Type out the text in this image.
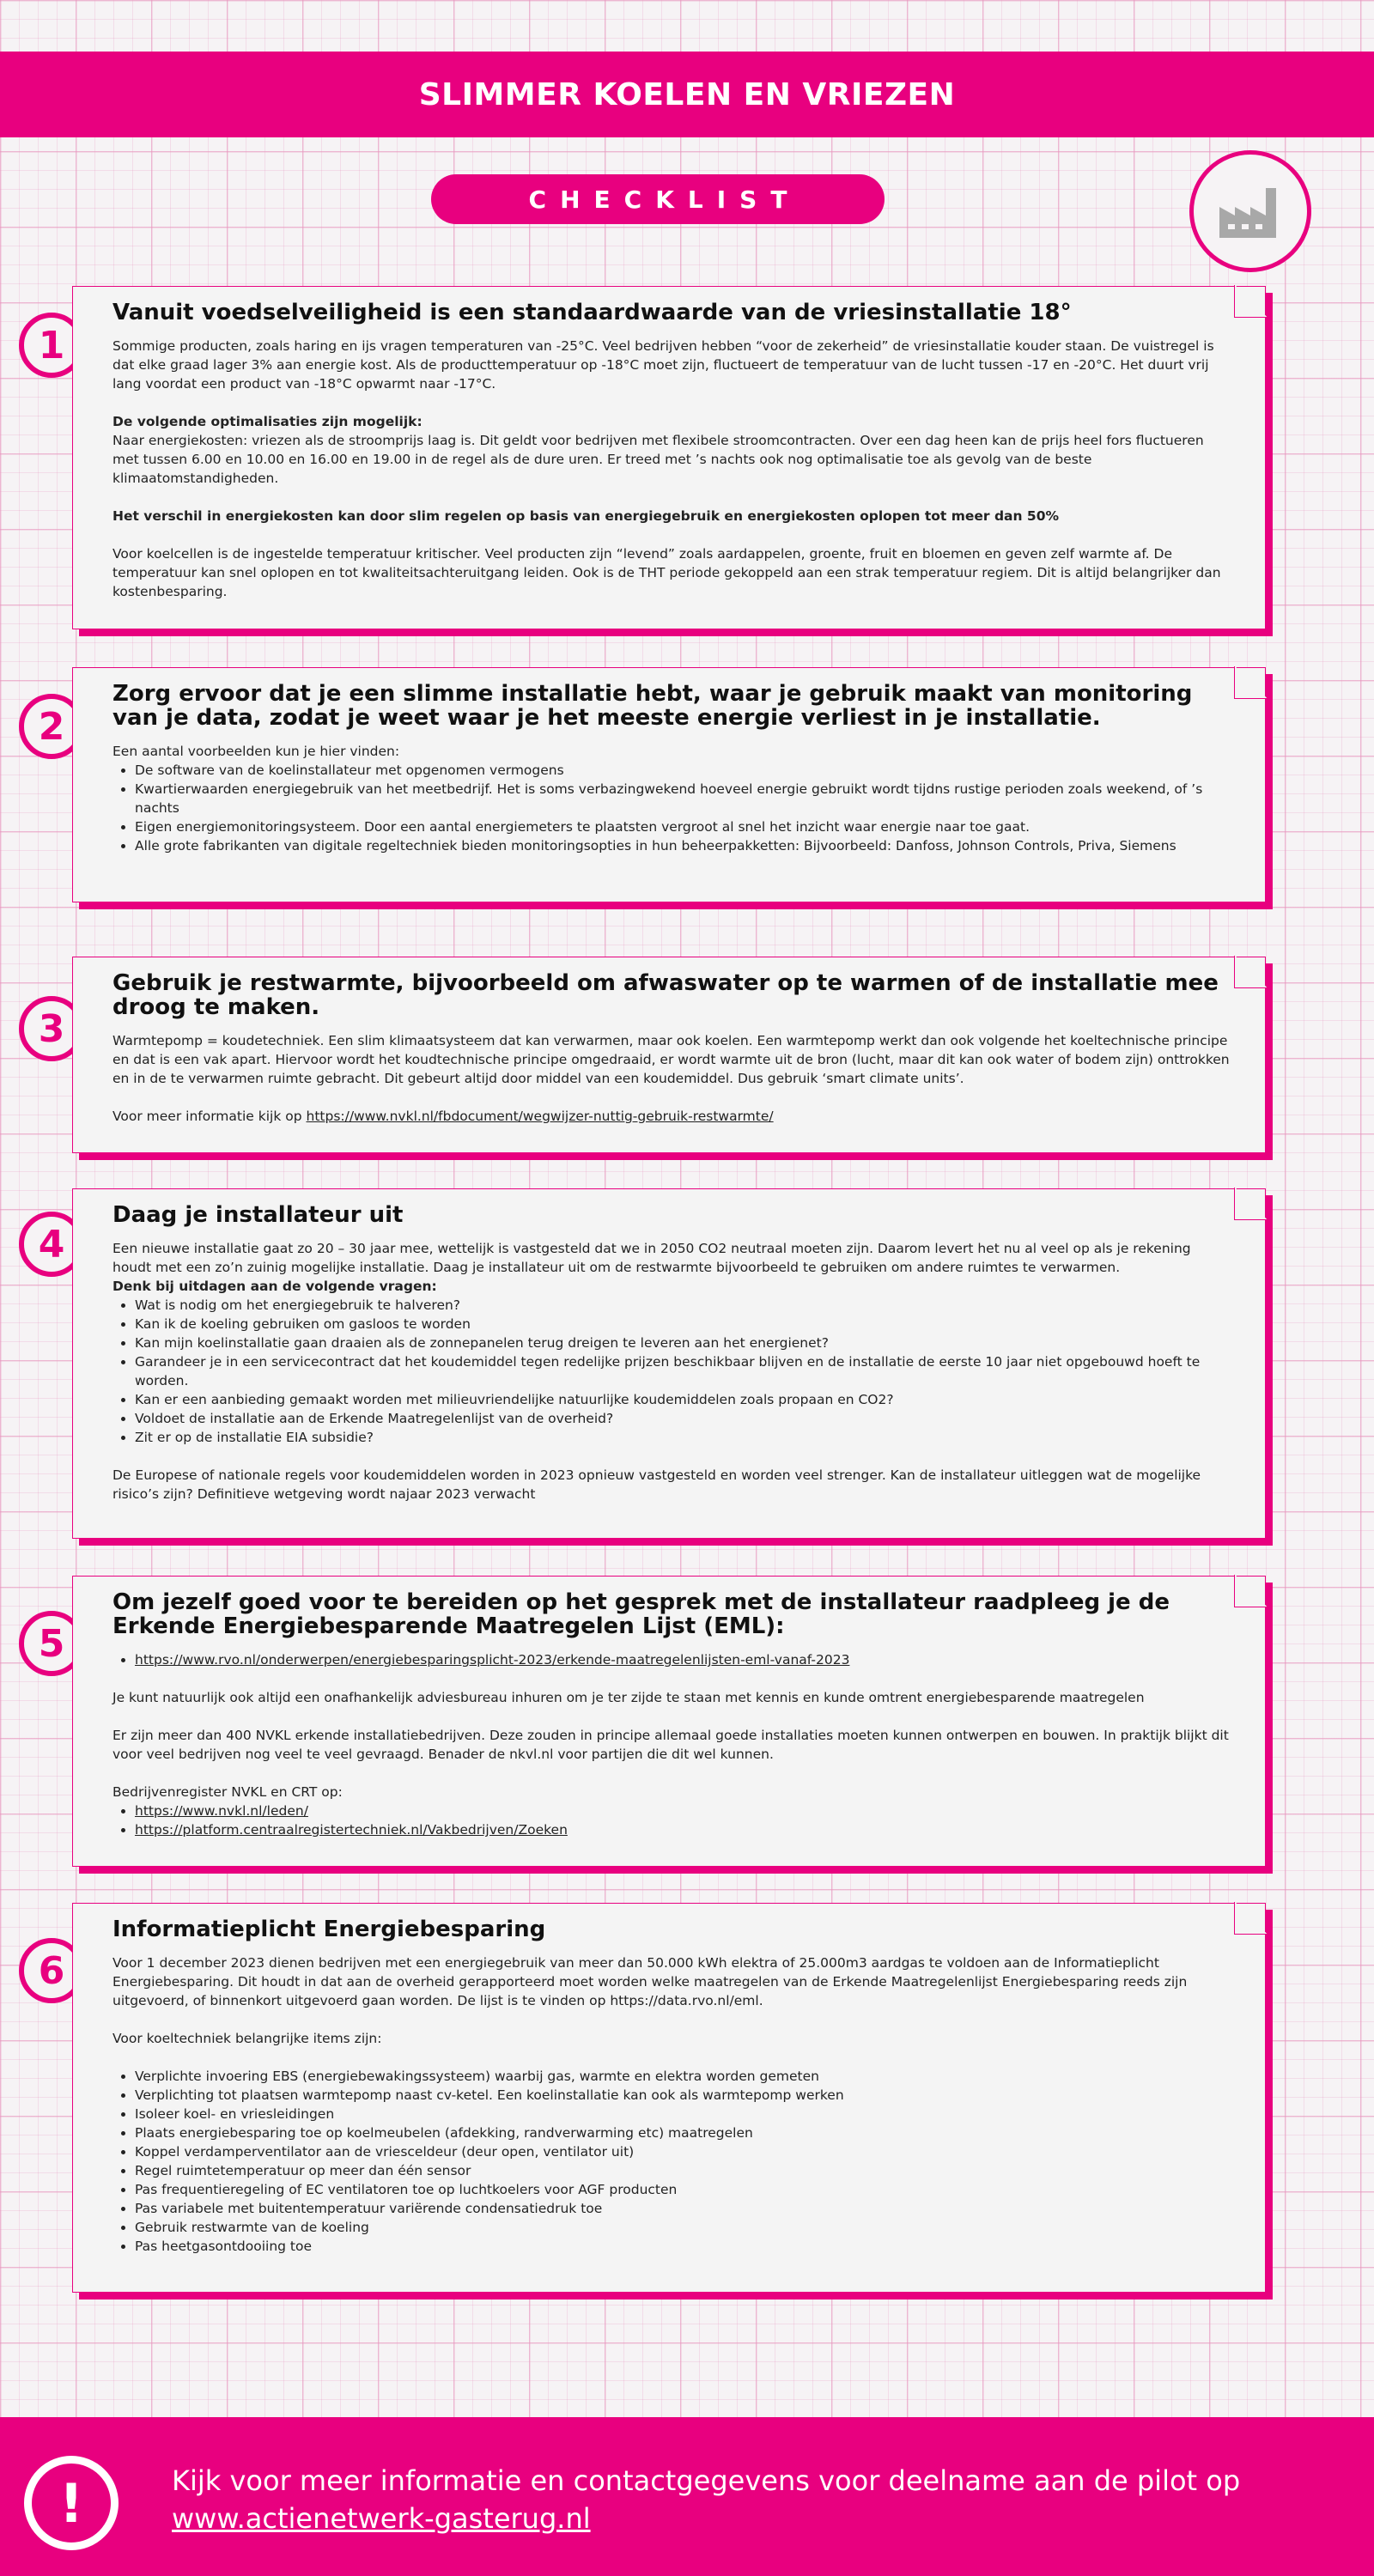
SLIMMER KOELEN EN VRIEZEN
CHECKLIST
1
Vanuit voedselveiligheid is een standaardwaarde van de vriesinstallatie 18°

Sommige producten, zoals haring en ijs vragen temperaturen van -25°C. Veel bedrijven hebben “voor de zekerheid” de vriesinstallatie kouder staan. De vuistregel is dat elke graad lager 3% aan energie kost. Als de producttemperatuur op -18°C moet zijn, fluctueert de temperatuur van de lucht tussen -17 en -20°C. Het duurt vrij lang voordat een product van -18°C opwarmt naar -17°C.

De volgende optimalisaties zijn mogelijk:
Naar energiekosten: vriezen als de stroomprijs laag is. Dit geldt voor bedrijven met flexibele stroomcontracten. Over een dag heen kan de prijs heel fors fluctueren met tussen 6.00 en 10.00 en 16.00 en 19.00 in de regel als de dure uren. Er treed met ’s nachts ook nog optimalisatie toe als gevolg van de beste klimaatomstandigheden.

Het verschil in energiekosten kan door slim regelen op basis van energiegebruik en energiekosten oplopen tot meer dan 50%

Voor koelcellen is de ingestelde temperatuur kritischer. Veel producten zijn “levend” zoals aardappelen, groente, fruit en bloemen en geven zelf warmte af. De temperatuur kan snel oplopen en tot kwaliteitsachteruitgang leiden. Ook is de THT periode gekoppeld aan een strak temperatuur regiem. Dit is altijd belangrijker dan kostenbesparing.

2
Zorg ervoor dat je een slimme installatie hebt, waar je gebruik maakt van monitoring van je data, zodat je weet waar je het meeste energie verliest in je installatie.

Een aantal voorbeelden kun je hier vinden:

• De software van de koelinstallateur met opgenomen vermogens
• Kwartierwaarden energiegebruik van het meetbedrijf. Het is soms verbazingwekend hoeveel energie gebruikt wordt tijdns rustige perioden zoals weekend, of ’s nachts
• Eigen energiemonitoringsysteem. Door een aantal energiemeters te plaatsten vergroot al snel het inzicht waar energie naar toe gaat.
• Alle grote fabrikanten van digitale regeltechniek bieden monitoringsopties in hun beheerpakketten: Bijvoorbeeld: Danfoss, Johnson Controls, Priva, Siemens
3
Gebruik je restwarmte, bijvoorbeeld om afwaswater op te warmen of de installatie mee droog te maken.

Warmtepomp = koudetechniek. Een slim klimaatsysteem dat kan verwarmen, maar ook koelen. Een warmtepomp werkt dan ook volgende het koeltechnische principe en dat is een vak apart. Hiervoor wordt het koudtechnische principe omgedraaid, er wordt warmte uit de bron (lucht, maar dit kan ook water of bodem zijn) onttrokken en in de te verwarmen ruimte gebracht. Dit gebeurt altijd door middel van een koudemiddel. Dus gebruik ‘smart climate units’.

Voor meer informatie kijk op https://www.nvkl.nl/fbdocument/wegwijzer-nuttig-gebruik-restwarmte/

4
Daag je installateur uit

Een nieuwe installatie gaat zo 20 – 30 jaar mee, wettelijk is vastgesteld dat we in 2050 CO2 neutraal moeten zijn. Daarom levert het nu al veel op als je rekening houdt met een zo’n zuinig mogelijke installatie. Daag je installateur uit om de restwarmte bijvoorbeeld te gebruiken om andere ruimtes te verwarmen.

Denk bij uitdagen aan de volgende vragen:

• Wat is nodig om het energiegebruik te halveren?
• Kan ik de koeling gebruiken om gasloos te worden
• Kan mijn koelinstallatie gaan draaien als de zonnepanelen terug dreigen te leveren aan het energienet?
• Garandeer je in een servicecontract dat het koudemiddel tegen redelijke prijzen beschikbaar blijven en de installatie de eerste 10 jaar niet opgebouwd hoeft te worden.
• Kan er een aanbieding gemaakt worden met milieuvriendelijke natuurlijke koudemiddelen zoals propaan en CO2?
• Voldoet de installatie aan de Erkende Maatregelenlijst van de overheid?
• Zit er op de installatie EIA subsidie?

De Europese of nationale regels voor koudemiddelen worden in 2023 opnieuw vastgesteld en worden veel strenger. Kan de installateur uitleggen wat de mogelijke risico’s zijn? Definitieve wetgeving wordt najaar 2023 verwacht

5
Om jezelf goed voor te bereiden op het gesprek met de installateur raadpleeg je de Erkende Energiebesparende Maatregelen Lijst (EML):
• https://www.rvo.nl/onderwerpen/energiebesparingsplicht-2023/erkende-maatregelenlijsten-eml-vanaf-2023

Je kunt natuurlijk ook altijd een onafhankelijk adviesbureau inhuren om je ter zijde te staan met kennis en kunde omtrent energiebesparende maatregelen

Er zijn meer dan 400 NVKL erkende installatiebedrijven. Deze zouden in principe allemaal goede installaties moeten kunnen ontwerpen en bouwen. In praktijk blijkt dit voor veel bedrijven nog veel te veel gevraagd. Benader de nkvl.nl voor partijen die dit wel kunnen.

Bedrijvenregister NVKL en CRT op:

• https://www.nvkl.nl/leden/
• https://platform.centraalregistertechniek.nl/Vakbedrijven/Zoeken
6
Informatieplicht Energiebesparing

Voor 1 december 2023 dienen bedrijven met een energiegebruik van meer dan 50.000 kWh elektra of 25.000m3 aardgas te voldoen aan de Informatieplicht Energiebesparing. Dit houdt in dat aan de overheid gerapporteerd moet worden welke maatregelen van de Erkende Maatregelenlijst Energiebesparing reeds zijn uitgevoerd, of binnenkort uitgevoerd gaan worden. De lijst is te vinden op https://data.rvo.nl/eml.

Voor koeltechniek belangrijke items zijn:

• Verplichte invoering EBS (energiebewakingssysteem) waarbij gas, warmte en elektra worden gemeten
• Verplichting tot plaatsen warmtepomp naast cv-ketel. Een koelinstallatie kan ook als warmtepomp werken
• Isoleer koel- en vriesleidingen
• Plaats energiebesparing toe op koelmeubelen (afdekking, randverwarming etc) maatregelen
• Koppel verdamperventilator aan de vriesceldeur (deur open, ventilator uit)
• Regel ruimtetemperatuur op meer dan één sensor
• Pas frequentieregeling of EC ventilatoren toe op luchtkoelers voor AGF producten
• Pas variabele met buitentemperatuur variërende condensatiedruk toe
• Gebruik restwarmte van de koeling
• Pas heetgasontdooiing toe
!	Kijk voor meer informatie en contactgegevens voor deelname aan de pilot op
www.actienetwerk-gasterug.nl
